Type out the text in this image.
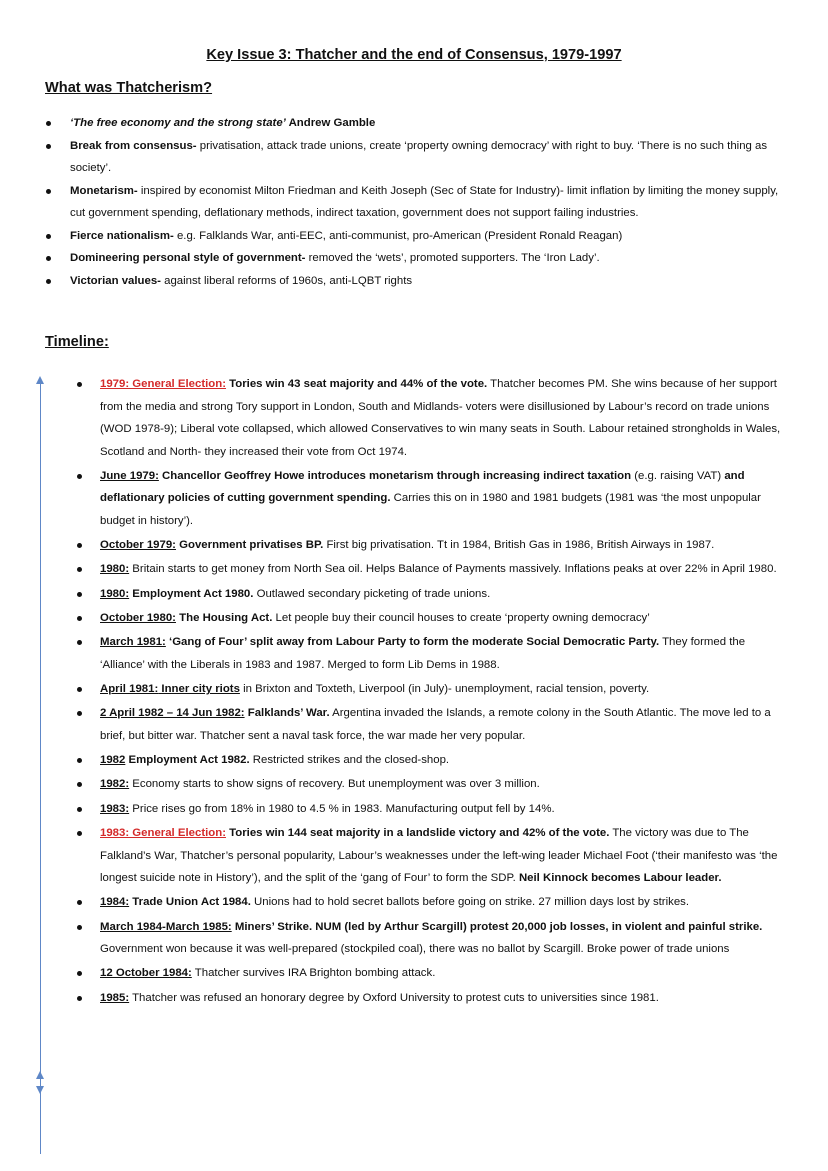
Key Issue 3: Thatcher and the end of Consensus, 1979-1997
What was Thatcherism?
‘The free economy and the strong state’ Andrew Gamble
Break from consensus- privatisation, attack trade unions, create ‘property owning democracy’ with right to buy. ‘There is no such thing as society’.
Monetarism- inspired by economist Milton Friedman and Keith Joseph (Sec of State for Industry)- limit inflation by limiting the money supply, cut government spending, deflationary methods, indirect taxation, government does not support failing industries.
Fierce nationalism- e.g. Falklands War, anti-EEC, anti-communist, pro-American (President Ronald Reagan)
Domineering personal style of government- removed the ‘wets’, promoted supporters. The ‘Iron Lady’.
Victorian values- against liberal reforms of 1960s, anti-LQBT rights
Timeline:
1979: General Election: Tories win 43 seat majority and 44% of the vote. Thatcher becomes PM. She wins because of her support from the media and strong Tory support in London, South and Midlands- voters were disillusioned by Labour’s record on trade unions (WOD 1978-9); Liberal vote collapsed, which allowed Conservatives to win many seats in South. Labour retained strongholds in Wales, Scotland and North- they increased their vote from Oct 1974.
June 1979: Chancellor Geoffrey Howe introduces monetarism through increasing indirect taxation (e.g. raising VAT) and deflationary policies of cutting government spending. Carries this on in 1980 and 1981 budgets (1981 was ‘the most unpopular budget in history’).
October 1979: Government privatises BP. First big privatisation. Tt in 1984, British Gas in 1986, British Airways in 1987.
1980: Britain starts to get money from North Sea oil. Helps Balance of Payments massively. Inflations peaks at over 22% in April 1980.
1980: Employment Act 1980. Outlawed secondary picketing of trade unions.
October 1980: The Housing Act. Let people buy their council houses to create ‘property owning democracy’
March 1981: ‘Gang of Four’ split away from Labour Party to form the moderate Social Democratic Party. They formed the ‘Alliance’ with the Liberals in 1983 and 1987. Merged to form Lib Dems in 1988.
April 1981: Inner city riots in Brixton and Toxteth, Liverpool (in July)- unemployment, racial tension, poverty.
2 April 1982 – 14 Jun 1982: Falklands’ War. Argentina invaded the Islands, a remote colony in the South Atlantic. The move led to a brief, but bitter war. Thatcher sent a naval task force, the war made her very popular.
1982 Employment Act 1982. Restricted strikes and the closed-shop.
1982: Economy starts to show signs of recovery. But unemployment was over 3 million.
1983: Price rises go from 18% in 1980 to 4.5 % in 1983. Manufacturing output fell by 14%.
1983: General Election: Tories win 144 seat majority in a landslide victory and 42% of the vote. The victory was due to The Falkland’s War, Thatcher’s personal popularity, Labour’s weaknesses under the left-wing leader Michael Foot (‘their manifesto was ‘the longest suicide note in History’), and the split of the ‘gang of Four’ to form the SDP. Neil Kinnock becomes Labour leader.
1984: Trade Union Act 1984. Unions had to hold secret ballots before going on strike. 27 million days lost by strikes.
March 1984-March 1985: Miners’ Strike. NUM (led by Arthur Scargill) protest 20,000 job losses, in violent and painful strike. Government won because it was well-prepared (stockpiled coal), there was no ballot by Scargill. Broke power of trade unions
12 October 1984: Thatcher survives IRA Brighton bombing attack.
1985: Thatcher was refused an honorary degree by Oxford University to protest cuts to universities since 1981.
